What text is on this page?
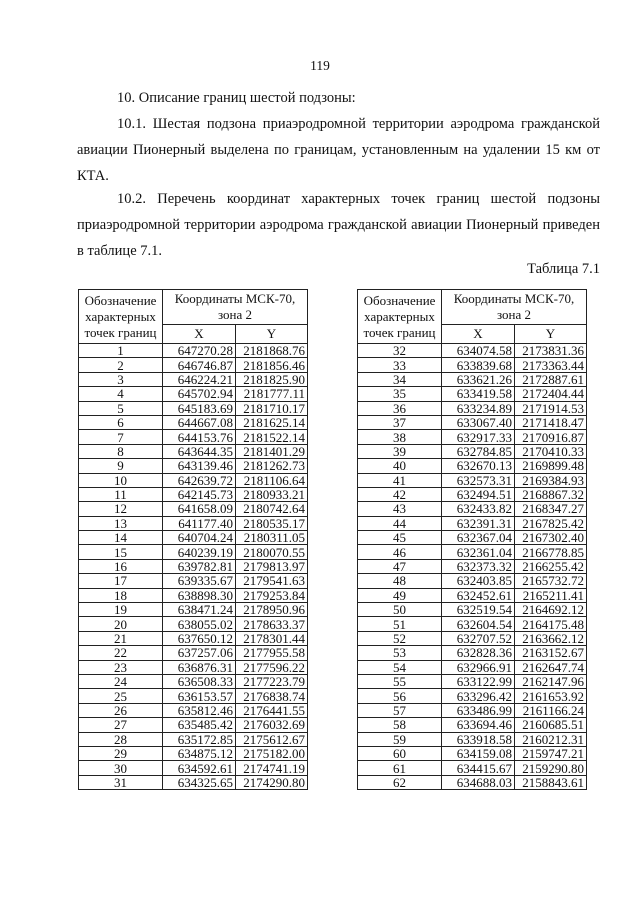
119
10. Описание границ шестой подзоны:

10.1. Шестая подзона приаэродромной территории аэродрома гражданской авиации Пионерный выделена по границам, установленным на удалении 15 км от КТА.

10.2. Перечень координат характерных точек границ шестой подзоны приаэродромной территории аэродрома гражданской авиации Пионерный приведен в таблице 7.1.

Таблица 7.1
Обозначение характерных точек границ	Координаты МСК-70, зона 2	
	X	Y
1	647270.28	2181868.76
2	646746.87	2181856.46
3	646224.21	2181825.90
4	645702.94	2181777.11
5	645183.69	2181710.17
6	644667.08	2181625.14
7	644153.76	2181522.14
8	643644.35	2181401.29
9	643139.46	2181262.73
10	642639.72	2181106.64
11	642145.73	2180933.21
12	641658.09	2180742.64
13	641177.40	2180535.17
14	640704.24	2180311.05
15	640239.19	2180070.55
16	639782.81	2179813.97
17	639335.67	2179541.63
18	638898.30	2179253.84
19	638471.24	2178950.96
20	638055.02	2178633.37
21	637650.12	2178301.44
22	637257.06	2177955.58
23	636876.31	2177596.22
24	636508.33	2177223.79
25	636153.57	2176838.74
26	635812.46	2176441.55
27	635485.42	2176032.69
28	635172.85	2175612.67
29	634875.12	2175182.00
30	634592.61	2174741.19
31	634325.65	2174290.80
Обозначение характерных точек границ	Координаты МСК-70, зона 2	
	X	Y
32	634074.58	2173831.36
33	633839.68	2173363.44
34	633621.26	2172887.61
35	633419.58	2172404.44
36	633234.89	2171914.53
37	633067.40	2171418.47
38	632917.33	2170916.87
39	632784.85	2170410.33
40	632670.13	2169899.48
41	632573.31	2169384.93
42	632494.51	2168867.32
43	632433.82	2168347.27
44	632391.31	2167825.42
45	632367.04	2167302.40
46	632361.04	2166778.85
47	632373.32	2166255.42
48	632403.85	2165732.72
49	632452.61	2165211.41
50	632519.54	2164692.12
51	632604.54	2164175.48
52	632707.52	2163662.12
53	632828.36	2163152.67
54	632966.91	2162647.74
55	633122.99	2162147.96
56	633296.42	2161653.92
57	633486.99	2161166.24
58	633694.46	2160685.51
59	633918.58	2160212.31
60	634159.08	2159747.21
61	634415.67	2159290.80
62	634688.03	2158843.61
